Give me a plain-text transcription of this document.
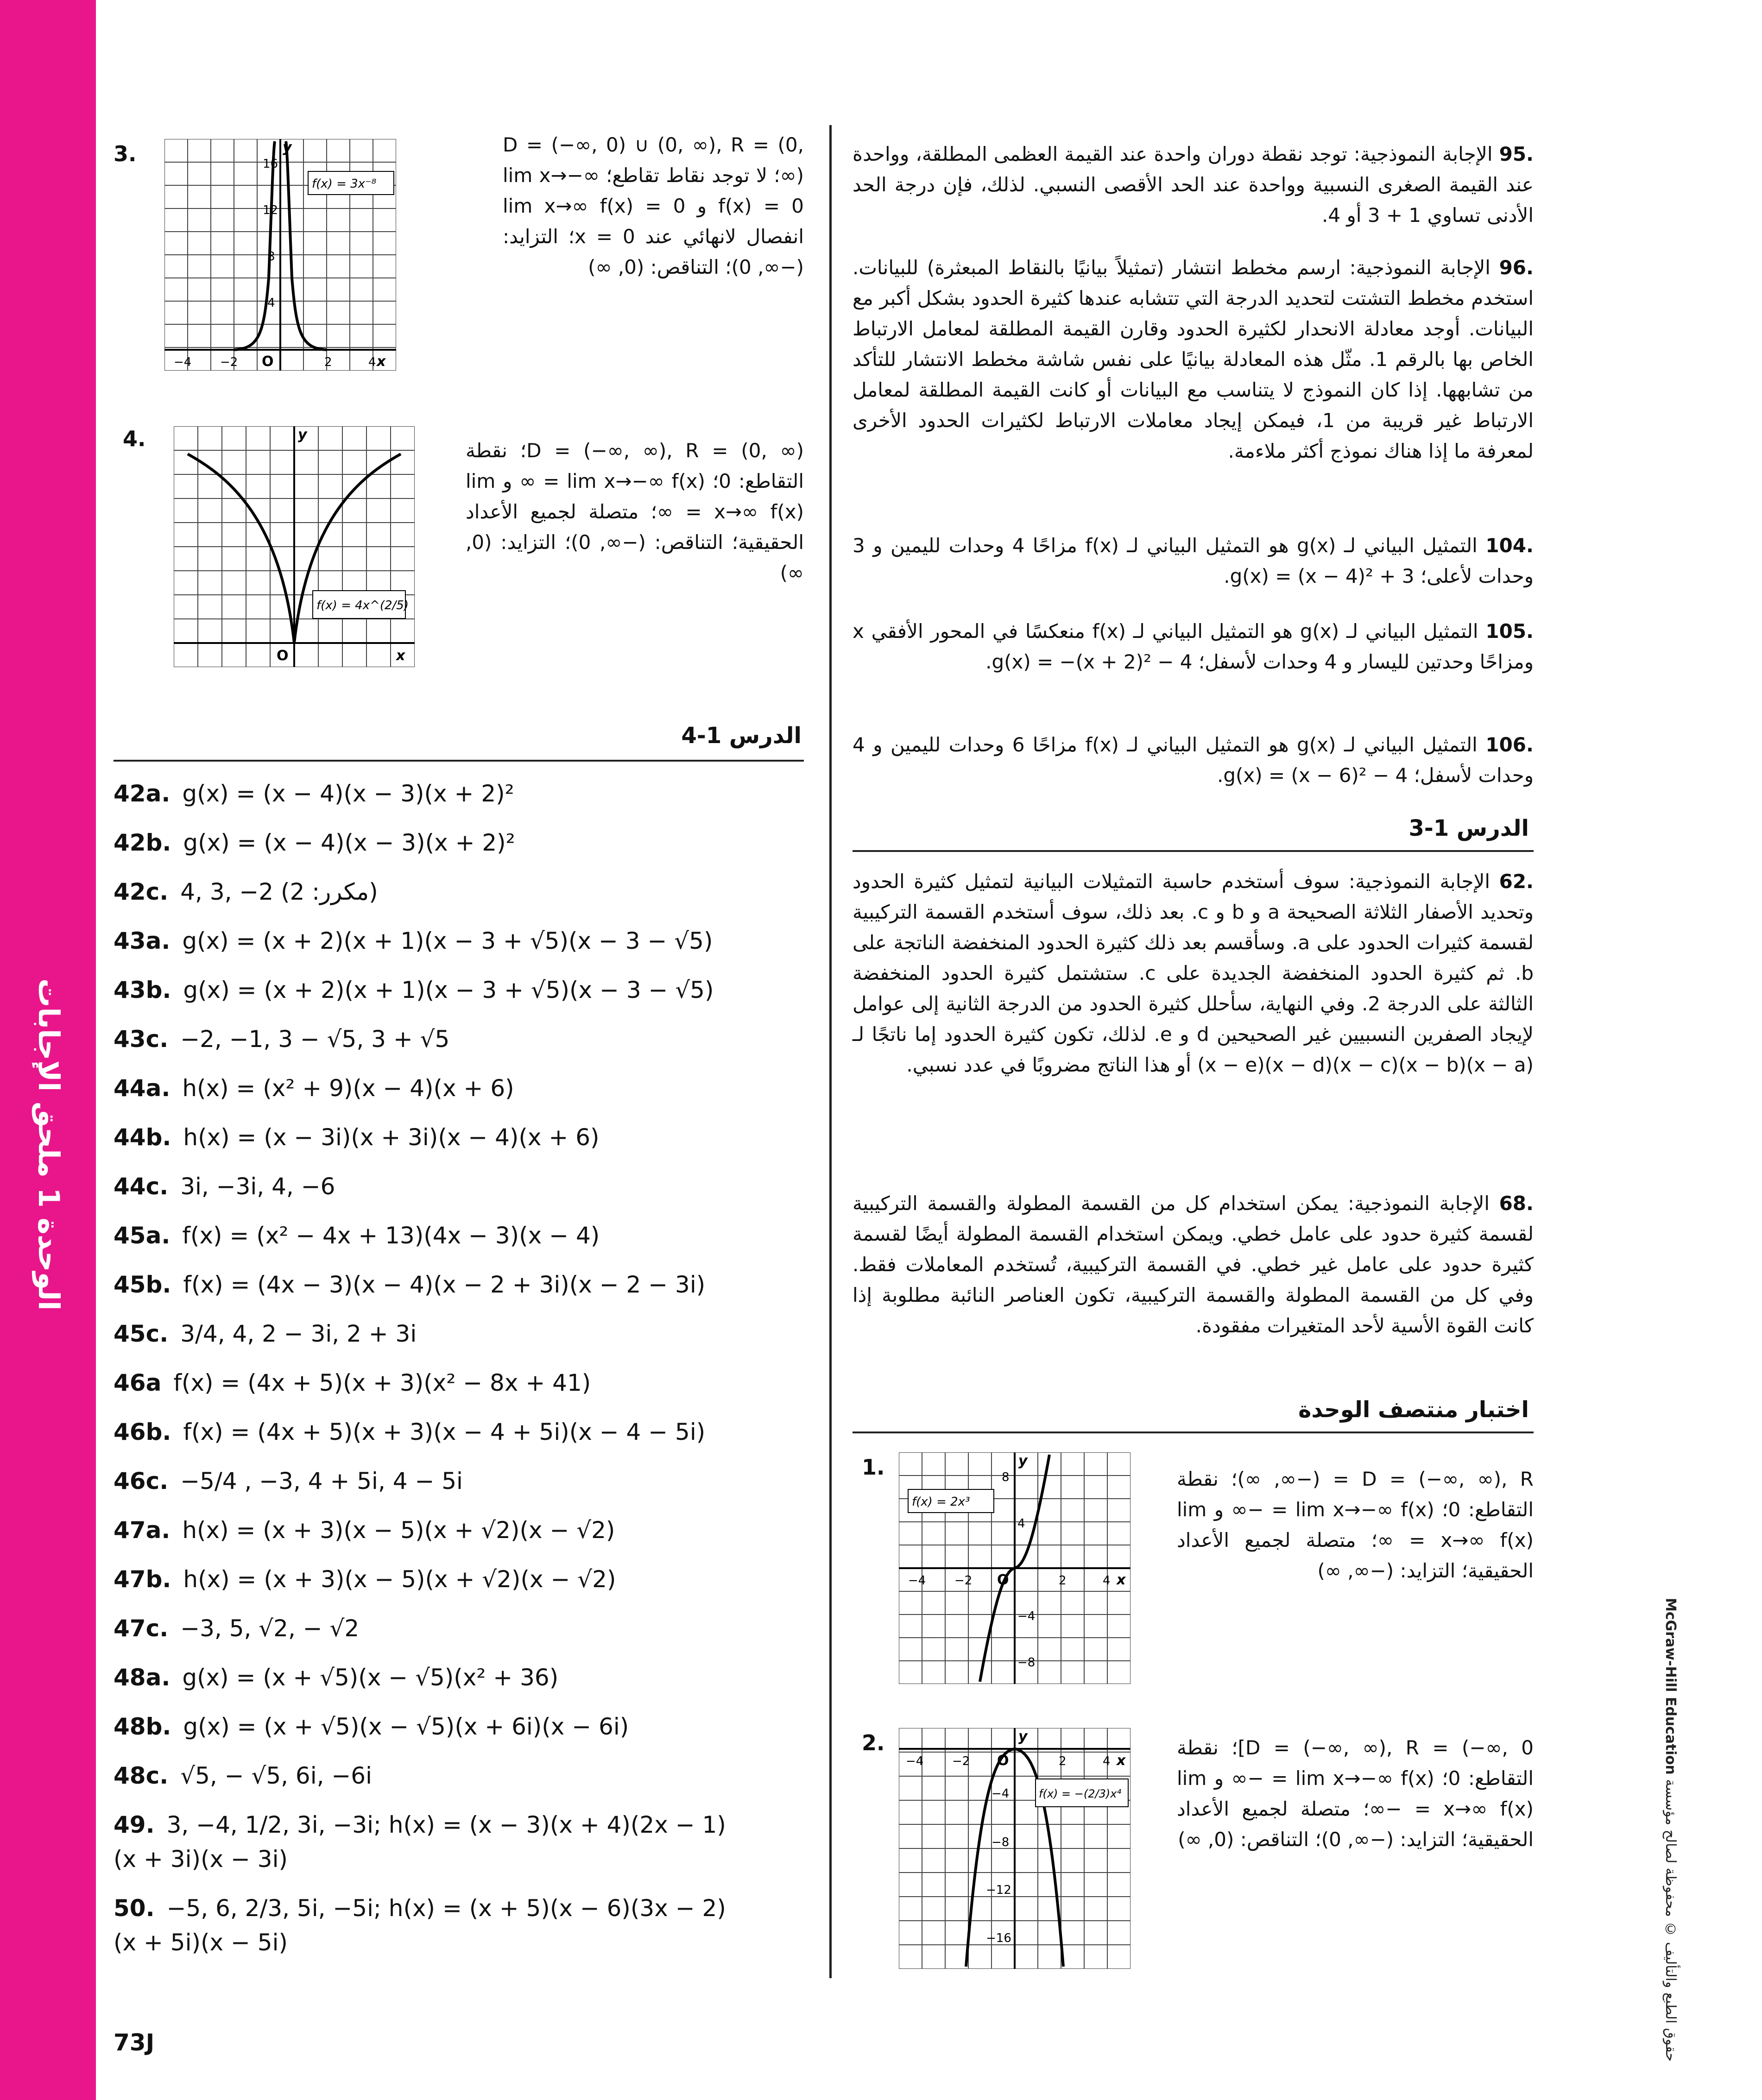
الوحدة 1 ملحق الإجابات
McGraw-Hill Education حقوق الطبع والتأليف © محفوظة لصالح مؤسسة
3.	y
x
O
−4 −2	2	4
16
12
8
4
f(x) = 3x⁻⁸
D = (−∞, 0) ∪ (0, ∞), R = (0, ∞)؛ لا توجد نقاط تقاطع؛ lim x→−∞ f(x) = 0 و lim x→∞ f(x) = 0 انفصال لانهائي عند x = 0؛ التزايد: (−∞, 0)؛ التناقص: (0, ∞)
4.	y
x
O
f(x) = 4x^(2/5)
D = (−∞, ∞), R = (0, ∞)؛ نقطة التقاطع: 0؛ lim x→−∞ f(x) = ∞ و lim x→∞ f(x) = ∞؛ متصلة لجميع الأعداد الحقيقية؛ التناقص: (−∞, 0)؛ التزايد: (0, ∞)
الدرس 1-4
42a. g(x) = (x − 4)(x − 3)(x + 2)²
42b. g(x) = (x − 4)(x − 3)(x + 2)²
42c. 4, 3, −2 (2 :مكرر)
43a. g(x) = (x + 2)(x + 1)(x − 3 + √5)(x − 3 − √5)
43b. g(x) = (x + 2)(x + 1)(x − 3 + √5)(x − 3 − √5)
43c. −2, −1, 3 − √5, 3 + √5
44a. h(x) = (x² + 9)(x − 4)(x + 6)
44b. h(x) = (x − 3i)(x + 3i)(x − 4)(x + 6)
44c. 3i, −3i, 4, −6
45a. f(x) = (x² − 4x + 13)(4x − 3)(x − 4)
45b. f(x) = (4x − 3)(x − 4)(x − 2 + 3i)(x − 2 − 3i)
45c. 3/4, 4, 2 − 3i, 2 + 3i
46a f(x) = (4x + 5)(x + 3)(x² − 8x + 41)
46b. f(x) = (4x + 5)(x + 3)(x − 4 + 5i)(x − 4 − 5i)
46c. −5/4 , −3, 4 + 5i, 4 − 5i
47a. h(x) = (x + 3)(x − 5)(x + √2)(x − √2)
47b. h(x) = (x + 3)(x − 5)(x + √2)(x − √2)
47c. −3, 5, √2, − √2
48a. g(x) = (x + √5)(x − √5)(x² + 36)
48b. g(x) = (x + √5)(x − √5)(x + 6i)(x − 6i)
48c. √5, − √5, 6i, −6i
49. 3, −4, 1/2, 3i, −3i; h(x) = (x − 3)(x + 4)(2x − 1)
(x + 3i)(x − 3i)
50. −5, 6, 2/3, 5i, −5i; h(x) = (x + 5)(x − 6)(3x − 2)
(x + 5i)(x − 5i)
73J
.95 الإجابة النموذجية: توجد نقطة دوران واحدة عند القيمة العظمى المطلقة، وواحدة عند القيمة الصغرى النسبية وواحدة عند الحد الأقصى النسبي. لذلك، فإن درجة الحد الأدنى تساوي 1 + 3 أو 4.
.96 الإجابة النموذجية: ارسم مخطط انتشار (تمثيلاً بيانيًا بالنقاط المبعثرة) للبيانات. استخدم مخطط التشتت لتحديد الدرجة التي تتشابه عندها كثيرة الحدود بشكل أكبر مع البيانات. أوجد معادلة الانحدار لكثيرة الحدود وقارن القيمة المطلقة لمعامل الارتباط الخاص بها بالرقم 1. مثّل هذه المعادلة بيانيًا على نفس شاشة مخطط الانتشار للتأكد من تشابهها. إذا كان النموذج لا يتناسب مع البيانات أو كانت القيمة المطلقة لمعامل الارتباط غير قريبة من 1، فيمكن إيجاد معاملات الارتباط لكثيرات الحدود الأخرى لمعرفة ما إذا هناك نموذج أكثر ملاءمة.
.104 التمثيل البياني لـ g(x) هو التمثيل البياني لـ f(x) مزاحًا 4 وحدات لليمين و 3 وحدات لأعلى؛ g(x) = (x − 4)² + 3.
.105 التمثيل البياني لـ g(x) هو التمثيل البياني لـ f(x) منعكسًا في المحور الأفقي x ومزاحًا وحدتين لليسار و 4 وحدات لأسفل؛ g(x) = −(x + 2)² − 4.
.106 التمثيل البياني لـ g(x) هو التمثيل البياني لـ f(x) مزاحًا 6 وحدات لليمين و 4 وحدات لأسفل؛ g(x) = (x − 6)² − 4.
الدرس 1-3
.62 الإجابة النموذجية: سوف أستخدم حاسبة التمثيلات البيانية لتمثيل كثيرة الحدود وتحديد الأصفار الثلاثة الصحيحة a و b و c. بعد ذلك، سوف أستخدم القسمة التركيبية لقسمة كثيرات الحدود على a. وسأقسم بعد ذلك كثيرة الحدود المنخفضة الناتجة على b. ثم كثيرة الحدود المنخفضة الجديدة على c. ستشتمل كثيرة الحدود المنخفضة الثالثة على الدرجة 2. وفي النهاية، سأحلل كثيرة الحدود من الدرجة الثانية إلى عوامل لإيجاد الصفرين النسبيين غير الصحيحين d و e. لذلك، تكون كثيرة الحدود إما ناتجًا لـ (x − a)(x − b)(x − c)(x − d)(x − e) أو هذا الناتج مضروبًا في عدد نسبي.
.68 الإجابة النموذجية: يمكن استخدام كل من القسمة المطولة والقسمة التركيبية لقسمة كثيرة حدود على عامل خطي. ويمكن استخدام القسمة المطولة أيضًا لقسمة كثيرة حدود على عامل غير خطي. في القسمة التركيبية، تُستخدم المعاملات فقط. وفي كل من القسمة المطولة والقسمة التركيبية، تكون العناصر النائبة مطلوبة إذا كانت القوة الأسية لأحد المتغيرات مفقودة.
اختبار منتصف الوحدة
1.	y
x
O
−4 −2	2	4
8
4
−4
−8
f(x) = 2x³
D = (−∞, ∞), R = (−∞, ∞)؛ نقطة التقاطع: 0؛ lim x→−∞ f(x) = −∞ و lim x→∞ f(x) = ∞؛ متصلة لجميع الأعداد الحقيقية؛ التزايد: (−∞, ∞)
2.	y
x
O
−4 −2	2	4
−4
−8
−12
−16
f(x) = −(2/3)x⁴
D = (−∞, ∞), R = (−∞, 0]؛ نقطة التقاطع: 0؛ lim x→−∞ f(x) = −∞ و lim x→∞ f(x) = −∞؛ متصلة لجميع الأعداد الحقيقية؛ التزايد: (−∞, 0)؛ التناقص: (0, ∞)
